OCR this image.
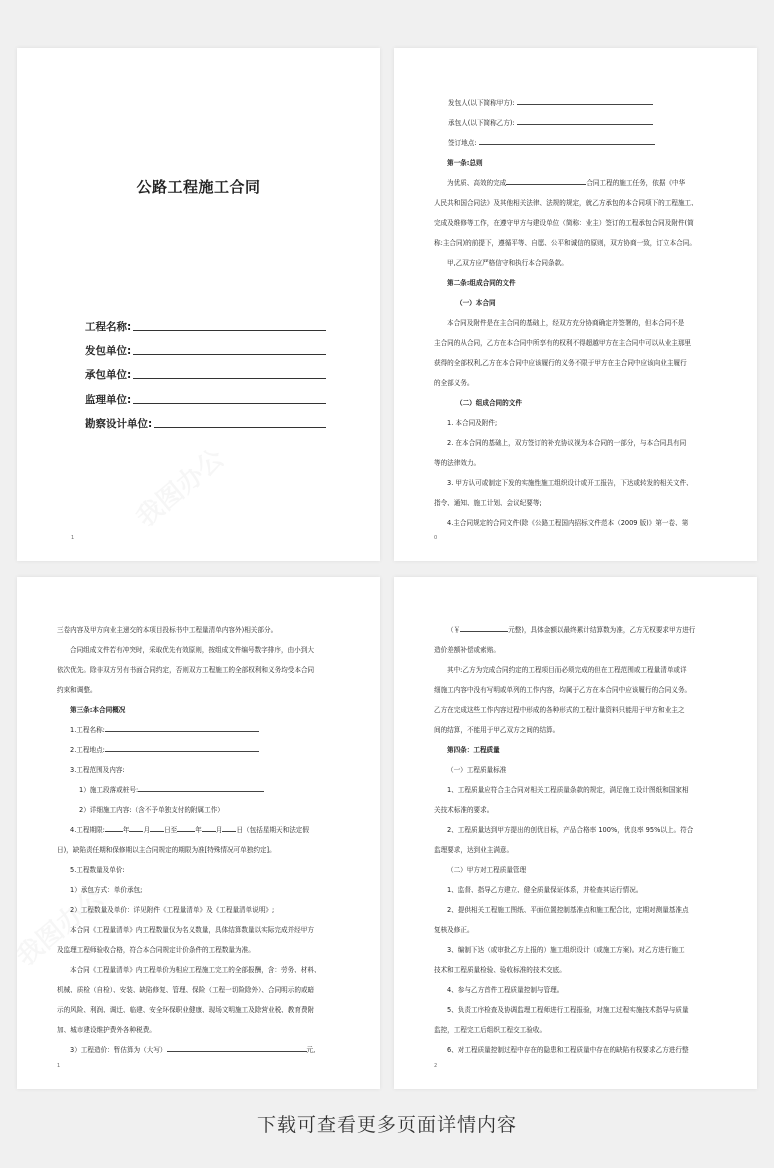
公路工程施工合同
工程名称:
发包单位:
承包单位:
监理单位:
勘察设计单位:
1

发包人(以下简称甲方):

承包人(以下简称乙方):

签订地点:

第一条:总则

为优质、高效的完成	合同工程的施工任务，依据《中华

人民共和国合同法》及其他相关法律、法规的规定，就乙方承包的本合同项下的工程施工、

完成及维修等工作，在遵守甲方与建设单位（简称：业主）签订的工程承包合同及附件(简

称:主合同)的前提下，遵循平等、自愿、公平和诚信的原则，双方协商一致，订立本合同。

甲,乙双方应严格信守和执行本合同条款。

第二条:组成合同的文件

（一）本合同

本合同及附件是在主合同的基础上，经双方充分协商确定并签署的，但本合同不是

主合同的从合同，乙方在本合同中所享有的权利不得超越甲方在主合同中可以从业主那里

获得的全部权利,乙方在本合同中应该履行的义务不限于甲方在主合同中应该向业主履行

的全部义务。

（二）组成合同的文件

1. 本合同及附件;

2. 在本合同的基础上，双方签订的补充协议视为本合同的一部分，与本合同具有同

等的法律效力。

3. 甲方认可或制定下发的实施性施工组织设计或开工报告，下达或转发的相关文件、

指令、通知、施工计划、会议纪要等;

4.主合同规定的合同文件(除《公路工程国内招标文件范本（2009 版)》第一卷、第

0

三卷内容及甲方向业主递交的本项目投标书中工程量清单内容外)相关部分。

合同组成文件若有冲突时，采取优先有效原则，按组成文件编号数字排序，由小到大

依次优先。除非双方另有书面合同约定，否则双方工程施工的全部权利和义务均受本合同

约束和调整。

第三条:本合同概况

1.工程名称:

2.工程地点:

3.工程范围及内容:

1）施工段落或桩号:

2）详细施工内容:（含不予单独支付的附属工作）

4.工程期限:	年 月 日至	年 月 日（包括星期天和法定假

日)，缺陷责任期和保修期以主合同规定的期限为准[特殊情况可单独约定]。

5.工程数量及单价:

1）承包方式：单价承包;

2）工程数量及单价：详见附件《工程量清单》及《工程量清单说明》;

本合同《工程量清单》内工程数量仅为名义数量，具体结算数量以实际完成并经甲方

及监理工程师验收合格，符合本合同规定计价条件的工程数量为准。

本合同《工程量清单》内工程单价为相应工程施工完工的全部报酬，含：劳务、材料、

机械、质检（自检）、安装、缺陷修复、管理、保险（工程一切险除外）、合同明示的或暗

示的风险、利润、调迁、临建、安全环保职业健康、现场文明施工及除营业税、教育费附

加、城市建设维护费外各种税费。

3）工程造价：暂估算为（大写）	元,

1

（￥	元整)，具体金额以最终累计结算数为准，乙方无权要求甲方进行

造价差额补偿或索赔。

其中:乙方为完成合同约定的工程项目而必须完成的但在工程范围或工程量清单或详

细施工内容中没有写明或单列的工作内容，均属于乙方在本合同中应该履行的合同义务。

乙方在完成这些工作内容过程中形成的各种形式的工程计量资料只能用于甲方和业主之

间的结算，不能用于甲乙双方之间的结算。

第四条：工程质量

（一）工程质量标准

1、工程质量应符合主合同对相关工程质量条款的规定，满足施工设计图纸和国家相

关技术标准的要求。

2、工程质量达到甲方提出的创优目标，产品合格率 100%，优良率 95%以上。符合

监理要求，达到业主满意。

（二）甲方对工程质量管理

1、监督、指导乙方建立、健全质量保证体系，并检查其运行情况。

2、提供相关工程施工图纸、平面位置控制基准点和施工配合比，定期对测量基准点

复核及修正。

3、编制下达（或审批乙方上报的）施工组织设计（或施工方案)。对乙方进行施工

技术和工程质量检验、验收标准的技术交底。

4、参与乙方首件工程质量控制与管理。

5、负责工序检查及协调监理工程师进行工程报验，对施工过程实施技术指导与质量

监控，工程完工后组织工程交工验收。

6、对工程质量控制过程中存在的隐患和工程质量中存在的缺陷有权要求乙方进行整

2
下载可查看更多页面详情内容
